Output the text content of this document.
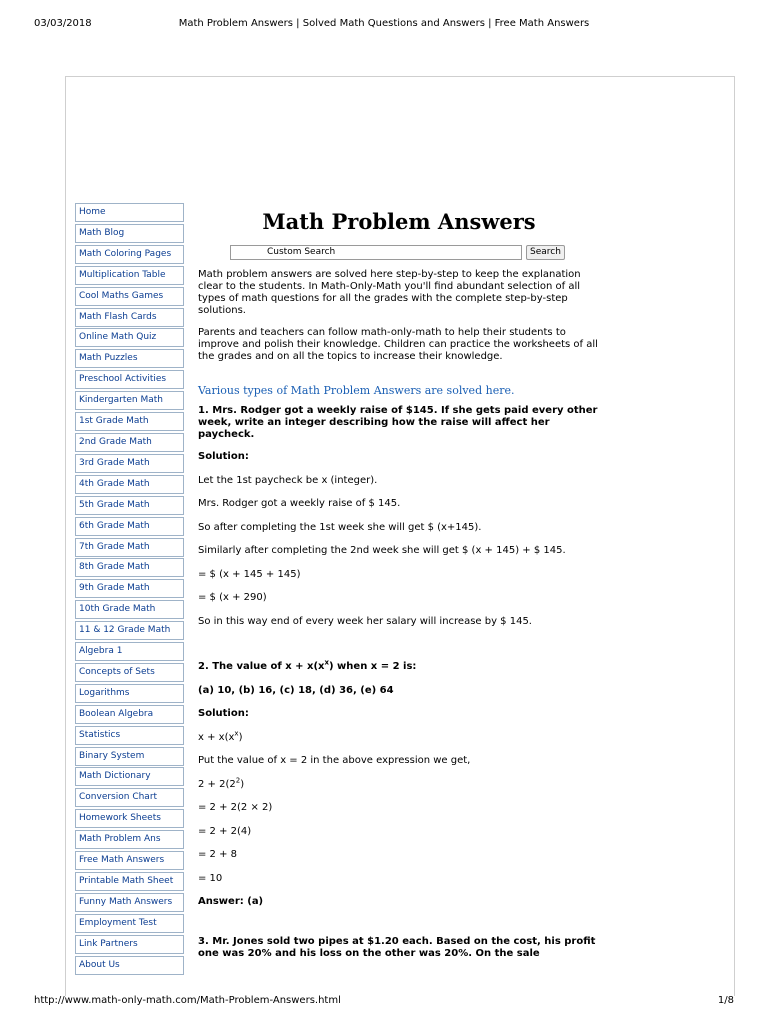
03/03/2018	Math Problem Answers | Solved Math Questions and Answers | Free Math Answers
Home
Math Blog
Math Coloring Pages
Multiplication Table
Cool Maths Games
Math Flash Cards
Online Math Quiz
Math Puzzles
Preschool Activities
Kindergarten Math
1st Grade Math
2nd Grade Math
3rd Grade Math
4th Grade Math
5th Grade Math
6th Grade Math
7th Grade Math
8th Grade Math
9th Grade Math
10th Grade Math
11 & 12 Grade Math
Algebra 1
Concepts of Sets
Logarithms
Boolean Algebra
Statistics
Binary System
Math Dictionary
Conversion Chart
Homework Sheets
Math Problem Ans
Free Math Answers
Printable Math Sheet
Funny Math Answers
Employment Test
Link Partners
About Us
Math Problem Answers
Custom Search	Search

Math problem answers are solved here step-by-step to keep the explanation clear to the students. In Math-Only-Math you'll find abundant selection of all types of math questions for all the grades with the complete step-by-step solutions.

Parents and teachers can follow math-only-math to help their students to improve and polish their knowledge. Children can practice the worksheets of all the grades and on all the topics to increase their knowledge.

Various types of Math Problem Answers are solved here.

1. Mrs. Rodger got a weekly raise of $145. If she gets paid every other week, write an integer describing how the raise will affect her paycheck.

Solution:

Let the 1st paycheck be x (integer).

Mrs. Rodger got a weekly raise of $ 145.

So after completing the 1st week she will get $ (x+145).

Similarly after completing the 2nd week she will get $ (x + 145) + $ 145.

= $ (x + 145 + 145)

= $ (x + 290)

So in this way end of every week her salary will increase by $ 145.

2. The value of $x + x(x^x)$ when x = 2 is:

(a) 10, (b) 16, (c) 18, (d) 36, (e) 64

Solution:

$x + x(x^x)$

Put the value of x = 2 in the above expression we get,

$2 + 2(2^2)$

= 2 + 2(2 × 2)

= 2 + 2(4)

= 2 + 8

= 10

Answer: (a)

3. Mr. Jones sold two pipes at $1.20 each. Based on the cost, his profit one was 20% and his loss on the other was 20%. On the sale

http://www.math-only-math.com/Math-Problem-Answers.html	1/8
